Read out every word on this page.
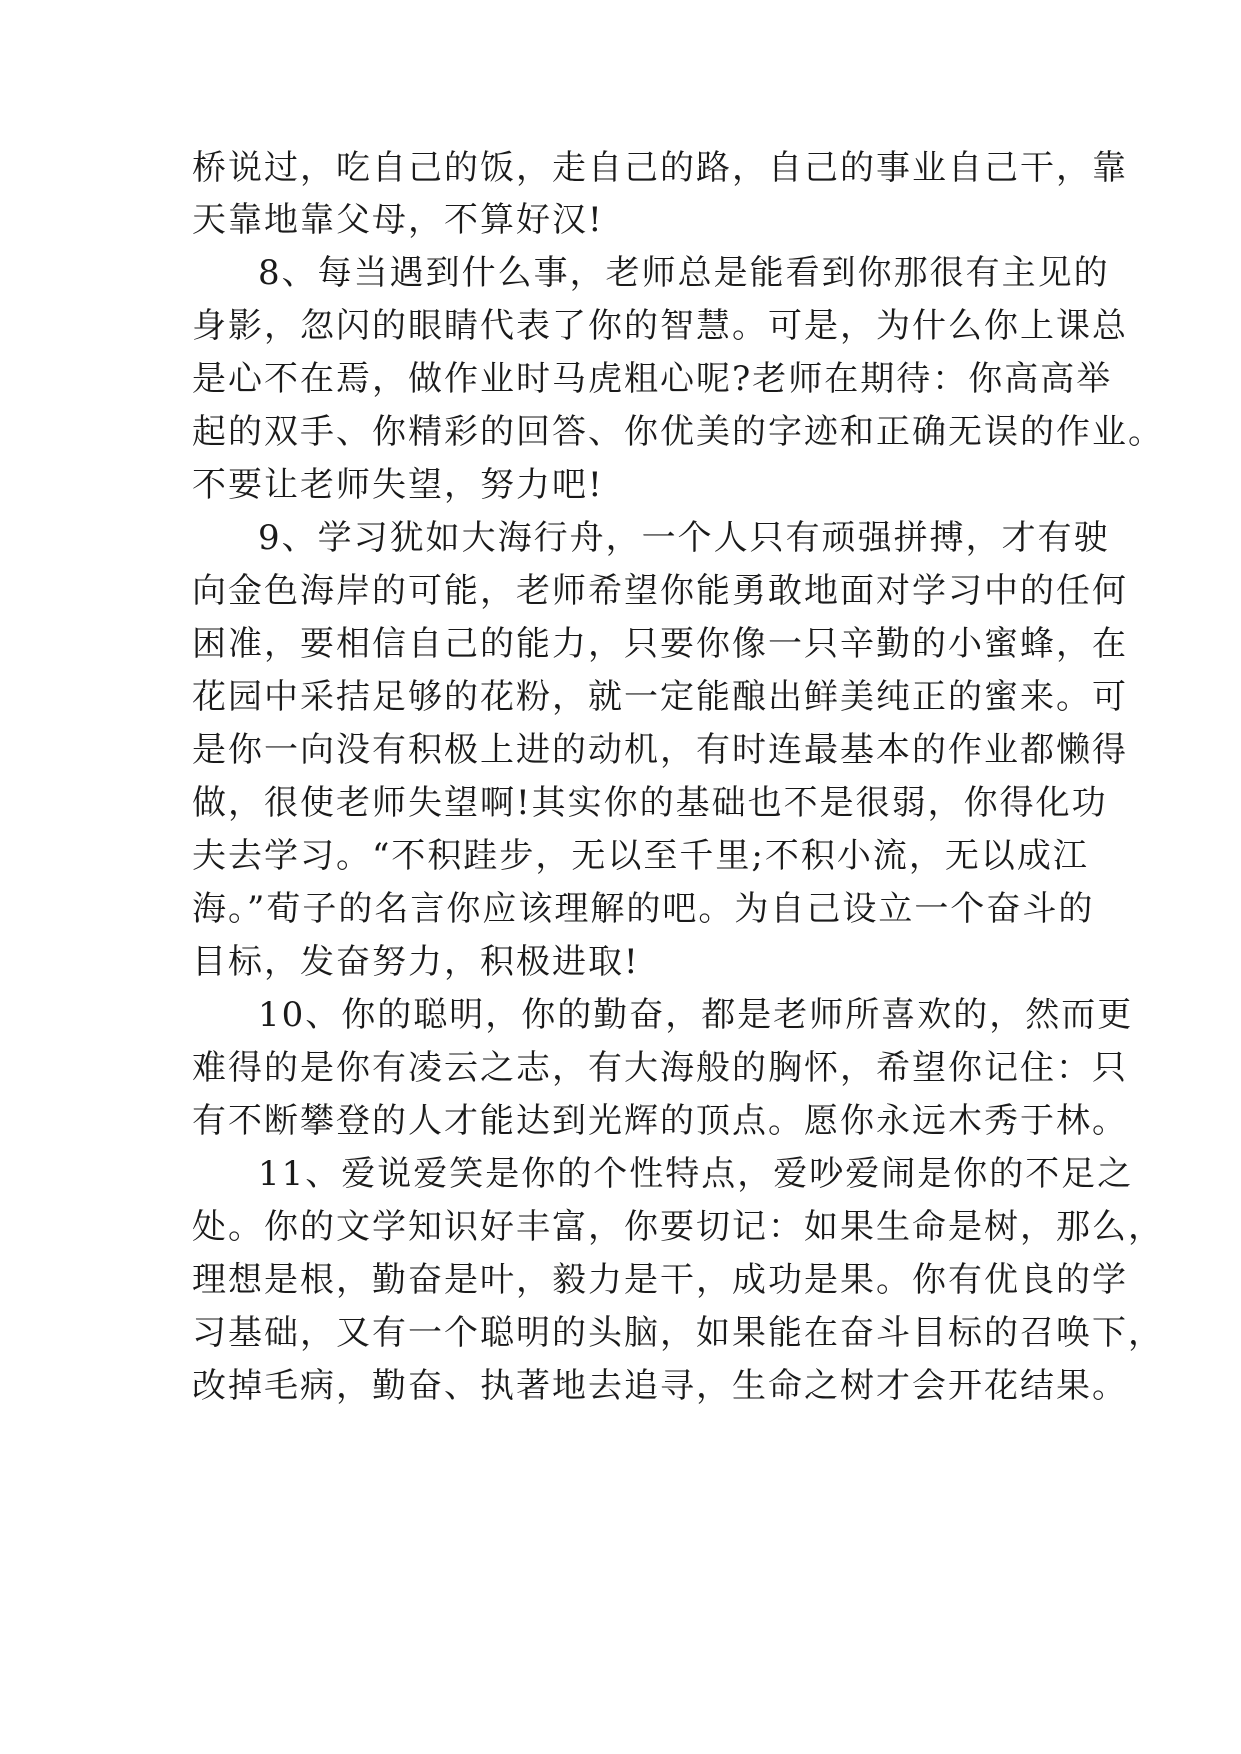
桥说过，吃自己的饭，走自己的路，自己的事业自己干，靠
天靠地靠父母，不算好汉!
8、每当遇到什么事，老师总是能看到你那很有主见的
身影，忽闪的眼睛代表了你的智慧。可是，为什么你上课总
是心不在焉，做作业时马虎粗心呢?老师在期待：你高高举
起的双手、你精彩的回答、你优美的字迹和正确无误的作业。
不要让老师失望，努力吧!
9、学习犹如大海行舟，一个人只有顽强拼搏，才有驶
向金色海岸的可能，老师希望你能勇敢地面对学习中的任何
困准，要相信自己的能力，只要你像一只辛勤的小蜜蜂，在
花园中采拮足够的花粉，就一定能酿出鲜美纯正的蜜来。可
是你一向没有积极上进的动机，有时连最基本的作业都懒得
做，很使老师失望啊!其实你的基础也不是很弱，你得化功
夫去学习。“不积跬步，无以至千里;不积小流，无以成江
海。”荀子的名言你应该理解的吧。为自己设立一个奋斗的
目标，发奋努力，积极进取!
10、你的聪明，你的勤奋，都是老师所喜欢的，然而更
难得的是你有凌云之志，有大海般的胸怀，希望你记住：只
有不断攀登的人才能达到光辉的顶点。愿你永远木秀于林。
11、爱说爱笑是你的个性特点，爱吵爱闹是你的不足之
处。你的文学知识好丰富，你要切记：如果生命是树，那么，
理想是根，勤奋是叶，毅力是干，成功是果。你有优良的学
习基础，又有一个聪明的头脑，如果能在奋斗目标的召唤下，
改掉毛病，勤奋、执著地去追寻，生命之树才会开花结果。
